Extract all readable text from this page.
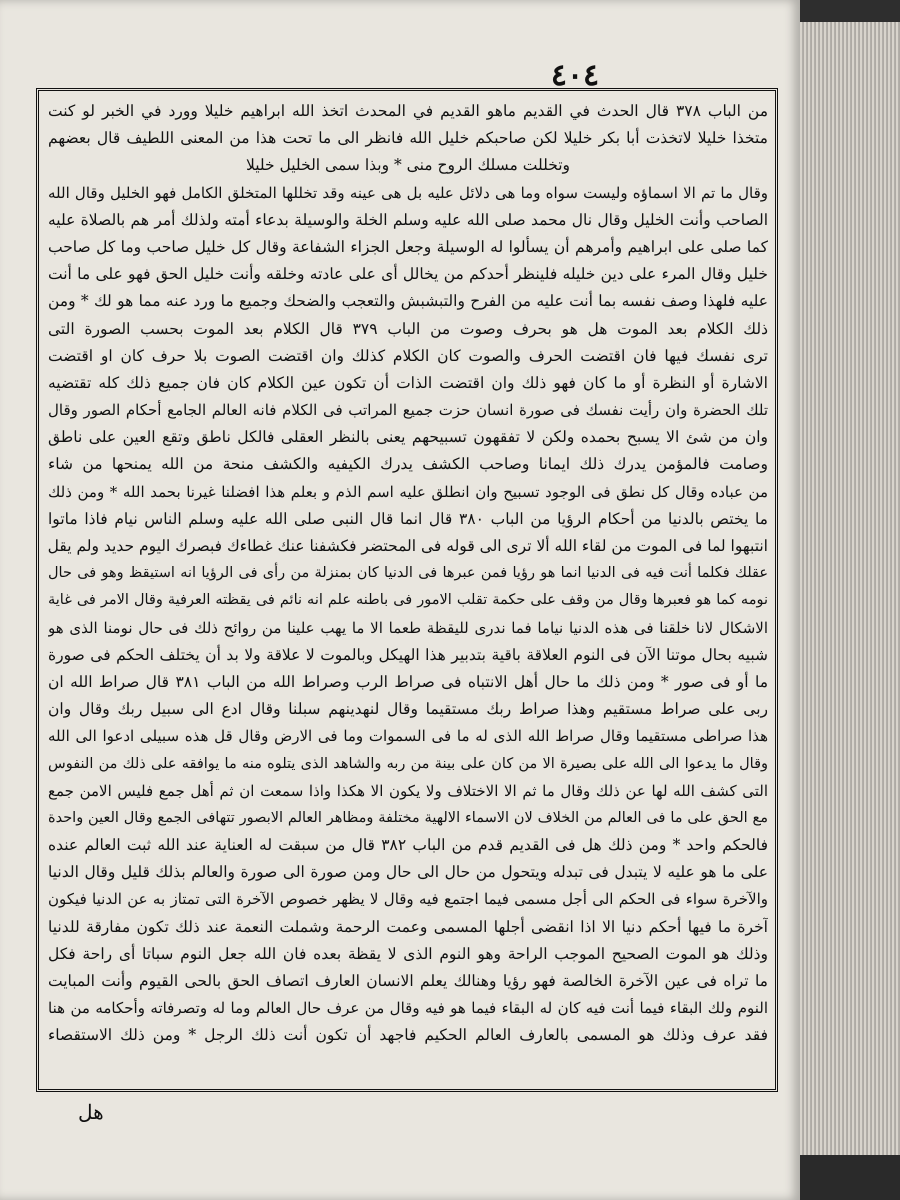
٤٠٤
من الباب ٣٧٨ قال الحدث في القديم ماهو القديم في المحدث اتخذ الله ابراهيم خليلا وورد في الخبر لو كنت
متخذا خليلا لاتخذت أبا بكر خليلا لكن صاحبكم خليل الله فانظر الى ما تحت هذا من المعنى اللطيف قال بعضهم
وتخللت مسلك الروح منى * وبذا سمى الخليل خليلا
وقال ما تم الا اسماؤه وليست سواه وما هى دلائل عليه بل هى عينه وقد تخللها المتخلق الكامل فهو الخليل وقال الله
الصاحب وأنت الخليل وقال نال محمد صلى الله عليه وسلم الخلة والوسيلة بدعاء أمته ولذلك أمر هم بالصلاة عليه
كما صلى على ابراهيم وأمرهم أن يسألوا له الوسيلة وجعل الجزاء الشفاعة وقال كل خليل صاحب وما كل صاحب
خليل وقال المرء على دين خليله فلينظر أحدكم من يخالل أى على عادته وخلقه وأنت خليل الحق فهو على ما أنت
عليه فلهذا وصف نفسه بما أنت عليه من الفرح والتبشبش والتعجب والضحك وجميع ما ورد عنه مما هو لك * ومن
ذلك الكلام بعد الموت هل هو بحرف وصوت من الباب ٣٧٩ قال الكلام بعد الموت بحسب الصورة التى
ترى نفسك فيها فان اقتضت الحرف والصوت كان الكلام كذلك وان اقتضت الصوت بلا حرف كان او اقتضت
الاشارة أو النظرة أو ما كان فهو ذلك وان اقتضت الذات أن تكون عين الكلام كان فان جميع ذلك كله تقتضيه
تلك الحضرة وان رأيت نفسك فى صورة انسان حزت جميع المراتب فى الكلام فانه العالم الجامع أحكام الصور وقال
وان من شئ الا يسبح بحمده ولكن لا تفقهون تسبيحهم يعنى بالنظر العقلى فالكل ناطق وتقع العين على ناطق
وصامت فالمؤمن يدرك ذلك ايمانا وصاحب الكشف يدرك الكيفيه والكشف منحة من الله يمنحها من شاء
من عباده وقال كل نطق فى الوجود تسبيح وان انطلق عليه اسم الذم و بعلم هذا افضلنا غيرنا بحمد الله * ومن ذلك
ما يختص بالدنيا من أحكام الرؤيا من الباب ٣٨٠ قال انما قال النبى صلى الله عليه وسلم الناس نيام فاذا ماتوا
انتبهوا لما فى الموت من لقاء الله ألا ترى الى قوله فى المحتضر فكشفنا عنك غطاءك فبصرك اليوم حديد ولم يقل
عقلك فكلما أنت فيه فى الدنيا انما هو رؤيا فمن عبرها فى الدنيا كان بمنزلة من رأى فى الرؤيا انه استيقظ وهو فى حال
نومه كما هو فعبرها وقال من وقف على حكمة تقلب الامور فى باطنه علم انه نائم فى يقظته العرفية وقال الامر فى غاية
الاشكال لانا خلقنا فى هذه الدنيا نياما فما ندرى لليقظة طعما الا ما يهب علينا من روائح ذلك فى حال نومنا الذى هو
شبيه بحال موتنا الآن فى النوم العلاقة باقية بتدبير هذا الهيكل وبالموت لا علاقة ولا بد أن يختلف الحكم فى صورة
ما أو فى صور * ومن ذلك ما حال أهل الانتباه فى صراط الرب وصراط الله من الباب ٣٨١ قال صراط الله ان
ربى على صراط مستقيم وهذا صراط ربك مستقيما وقال لنهدينهم سبلنا وقال ادع الى سبيل ربك وقال وان
هذا صراطى مستقيما وقال صراط الله الذى له ما فى السموات وما فى الارض وقال قل هذه سبيلى ادعوا الى الله
وقال ما يدعوا الى الله على بصيرة الا من كان على بينة من ربه والشاهد الذى يتلوه منه ما يوافقه على ذلك من النفوس
التى كشف الله لها عن ذلك وقال ما ثم الا الاختلاف ولا يكون الا هكذا واذا سمعت ان ثم أهل جمع فليس الامن جمع
مع الحق على ما فى العالم من الخلاف لان الاسماء الالهية مختلفة ومظاهر العالم الابصور تتهافى الجمع وقال العين واحدة
فالحكم واحد * ومن ذلك هل فى القديم قدم من الباب ٣٨٢ قال من سبقت له العناية عند الله ثبت العالم عنده
على ما هو عليه لا يتبدل فى تبدله ويتحول من حال الى حال ومن صورة الى صورة والعالم بذلك قليل وقال الدنيا
والآخرة سواء فى الحكم الى أجل مسمى فيما اجتمع فيه وقال لا يظهر خصوص الآخرة التى تمتاز به عن الدنيا فيكون
آخرة ما فيها أحكم دنيا الا اذا انقضى أجلها المسمى وعمت الرحمة وشملت النعمة عند ذلك تكون مفارقة للدنيا
وذلك هو الموت الصحيح الموجب الراحة وهو النوم الذى لا يقظة بعده فان الله جعل النوم سباتا أى راحة فكل
ما تراه فى عين الآخرة الخالصة فهو رؤيا وهنالك يعلم الانسان العارف اتصاف الحق بالحى القيوم وأنت المبايت
النوم ولك البقاء فيما أنت فيه كان له البقاء فيما هو فيه وقال من عرف حال العالم وما له وتصرفاته وأحكامه من هنا
فقد عرف وذلك هو المسمى بالعارف العالم الحكيم فاجهد أن تكون أنت ذلك الرجل * ومن ذلك الاستقصاء
هل
